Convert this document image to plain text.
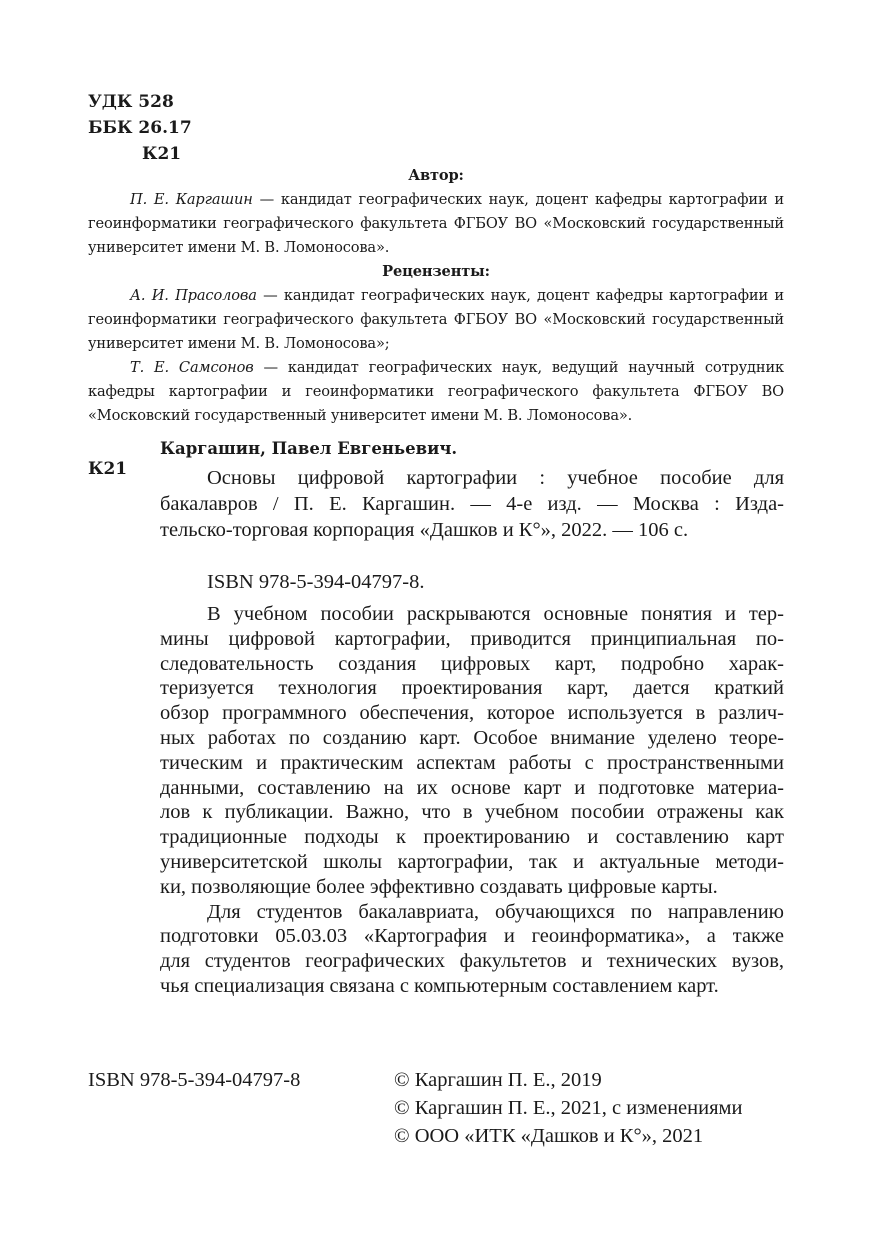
УДК 528
ББК 26.17
К21

Автор:

П. Е. Каргашин — кандидат географических наук, доцент кафедры картографии и геоинформатики географического факультета ФГБОУ ВО «Московский государственный университет имени М. В. Ломоносова».

Рецензенты:

А. И. Прасолова — кандидат географических наук, доцент кафедры картографии и геоинформатики географического факультета ФГБОУ ВО «Московский государственный университет имени М. В. Ломоносова»;

Т. Е. Самсонов — кандидат географических наук, ведущий научный сотрудник кафедры картографии и геоинформатики географического факультета ФГБОУ ВО «Московский государственный университет имени М. В. Ломоносова».

К21
Каргашин, Павел Евгеньевич.
Основы цифровой картографии : учебное пособие для
бакалавров / П. Е. Каргашин. — 4-е изд. — Москва : Изда-
тельско-торговая корпорация «Дашков и К°», 2022. — 106 с.
ISBN 978-5-394-04797-8.
В учебном пособии раскрываются основные понятия и тер-
мины цифровой картографии, приводится принципиальная по-
следовательность создания цифровых карт, подробно харак-
теризуется технология проектирования карт, дается краткий
обзор программного обеспечения, которое используется в различ-
ных работах по созданию карт. Особое внимание уделено теоре-
тическим и практическим аспектам работы с пространственными
данными, составлению на их основе карт и подготовке материа-
лов к публикации. Важно, что в учебном пособии отражены как
традиционные подходы к проектированию и составлению карт
университетской школы картографии, так и актуальные методи-
ки, позволяющие более эффективно создавать цифровые карты.
Для студентов бакалавриата, обучающихся по направлению
подготовки 05.03.03 «Картография и геоинформатика», а также
для студентов географических факультетов и технических вузов,
чья специализация связана с компьютерным составлением карт.
ISBN 978-5-394-04797-8	© Каргашин П. Е., 2019
© Каргашин П. Е., 2021, с изменениями
© ООО «ИТК «Дашков и К°», 2021
